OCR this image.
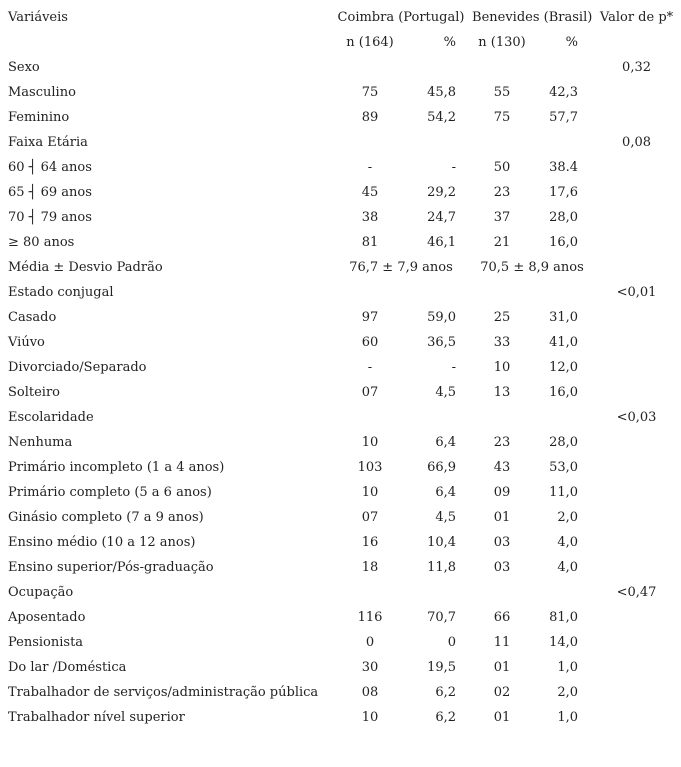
Variáveis	Coimbra (Portugal)		Benevides (Brasil)		Valor de p*
	n (164)	%	n (130)	%	
Sexo					0,32
Masculino	75	45,8	55	42,3	
Feminino	89	54,2	75	57,7	
Faixa Etária					0,08
60 ┤ 64 anos	-	-	50	38.4	
65 ┤ 69 anos	45	29,2	23	17,6	
70 ┤ 79 anos	38	24,7	37	28,0	
≥ 80 anos	81	46,1	21	16,0	
Média ± Desvio Padrão	76,7 ± 7,9 anos		70,5 ± 8,9 anos		
Estado conjugal					<0,01
Casado	97	59,0	25	31,0	
Viúvo	60	36,5	33	41,0	
Divorciado/Separado	-	-	10	12,0	
Solteiro	07	4,5	13	16,0	
Escolaridade					<0,03
Nenhuma	10	6,4	23	28,0	
Primário incompleto (1 a 4 anos)	103	66,9	43	53,0	
Primário completo (5 a 6 anos)	10	6,4	09	11,0	
Ginásio completo (7 a 9 anos)	07	4,5	01	2,0	
Ensino médio (10 a 12 anos)	16	10,4	03	4,0	
Ensino superior/Pós-graduação	18	11,8	03	4,0	
Ocupação					<0,47
Aposentado	116	70,7	66	81,0	
Pensionista	0	0	11	14,0	
Do lar /Doméstica	30	19,5	01	1,0	
Trabalhador de serviços/administração pública	08	6,2	02	2,0	
Trabalhador nível superior	10	6,2	01	1,0	
